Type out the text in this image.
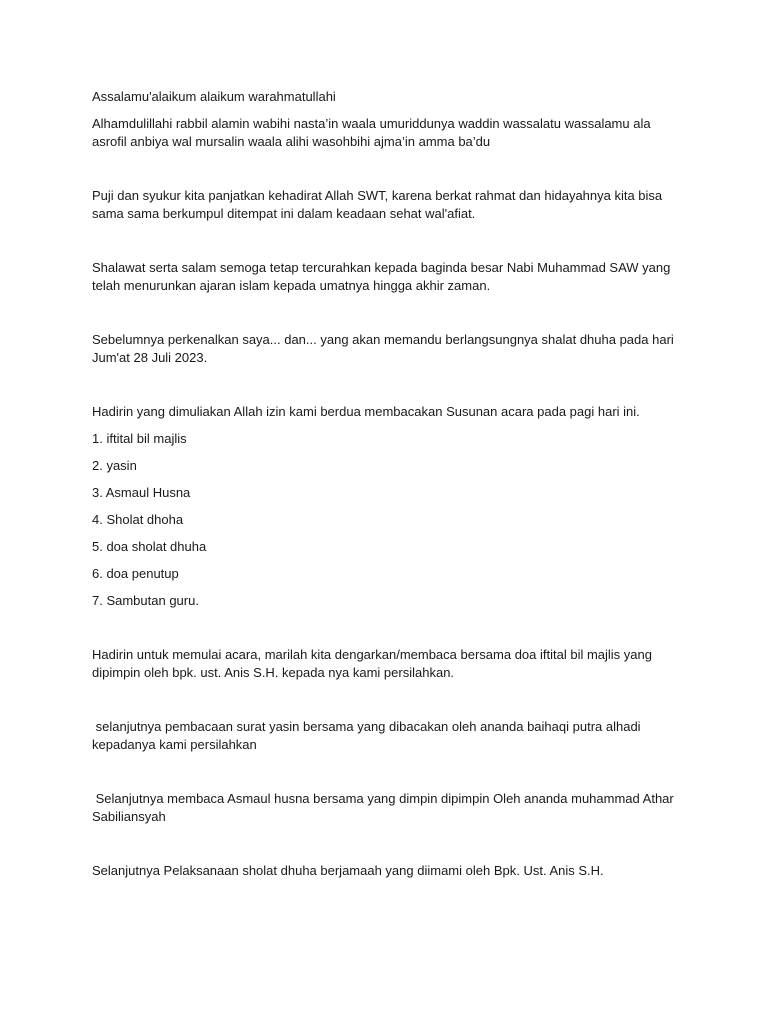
Assalamu'alaikum alaikum warahmatullahi

Alhamdulillahi rabbil alamin wabihi nasta’in waala umuriddunya waddin wassalatu wassalamu ala asrofil anbiya wal mursalin waala alihi wasohbihi ajma’in amma ba’du

Puji dan syukur kita panjatkan kehadirat Allah SWT, karena berkat rahmat dan hidayahnya kita bisa sama sama berkumpul ditempat ini dalam keadaan sehat wal'afiat.

Shalawat serta salam semoga tetap tercurahkan kepada baginda besar Nabi Muhammad SAW yang telah menurunkan ajaran islam kepada umatnya hingga akhir zaman.

Sebelumnya perkenalkan saya... dan... yang akan memandu berlangsungnya shalat dhuha pada hari Jum'at 28 Juli 2023.

Hadirin yang dimuliakan Allah izin kami berdua membacakan Susunan acara pada pagi hari ini.

1. iftital bil majlis

2. yasin

3. Asmaul Husna

4. Sholat dhoha

5. doa sholat dhuha

6. doa penutup

7. Sambutan guru.

Hadirin untuk memulai acara, marilah kita dengarkan/membaca bersama doa iftital bil majlis yang dipimpin oleh bpk. ust. Anis S.H. kepada nya kami persilahkan.

selanjutnya pembacaan surat yasin bersama yang dibacakan oleh ananda baihaqi putra alhadi kepadanya kami persilahkan

Selanjutnya membaca Asmaul husna bersama yang dimpin dipimpin Oleh ananda muhammad Athar Sabiliansyah

Selanjutnya Pelaksanaan sholat dhuha berjamaah yang diimami oleh Bpk. Ust. Anis S.H.
